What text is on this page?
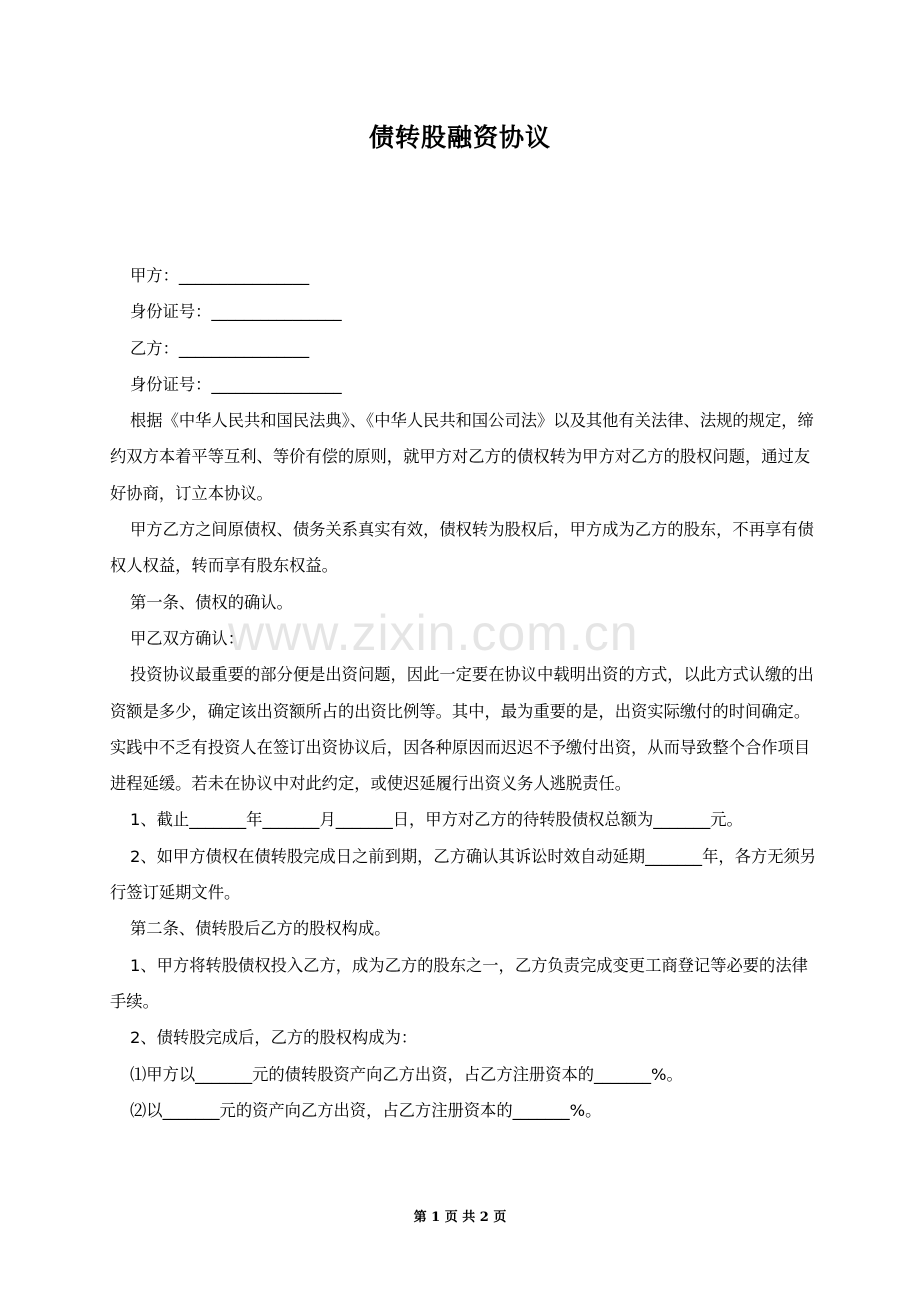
债转股融资协议

甲方：________________

身份证号：________________

乙方：________________

身份证号：________________

根据《中华人民共和国民法典》、《中华人民共和国公司法》以及其他有关法律、法规的规定，缔约双方本着平等互利、等价有偿的原则，就甲方对乙方的债权转为甲方对乙方的股权问题，通过友好协商，订立本协议。

甲方乙方之间原债权、债务关系真实有效，债权转为股权后，甲方成为乙方的股东，不再享有债权人权益，转而享有股东权益。

第一条、债权的确认。

甲乙双方确认：

投资协议最重要的部分便是出资问题，因此一定要在协议中载明出资的方式，以此方式认缴的出资额是多少，确定该出资额所占的出资比例等。其中，最为重要的是，出资实际缴付的时间确定。实践中不乏有投资人在签订出资协议后，因各种原因而迟迟不予缴付出资，从而导致整个合作项目进程延缓。若未在协议中对此约定，或使迟延履行出资义务人逃脱责任。

1、截止_______年_______月_______日，甲方对乙方的待转股债权总额为_______元。

2、如甲方债权在债转股完成日之前到期，乙方确认其诉讼时效自动延期_______年，各方无须另行签订延期文件。

第二条、债转股后乙方的股权构成。

1、甲方将转股债权投入乙方，成为乙方的股东之一，乙方负责完成变更工商登记等必要的法律手续。

2、债转股完成后，乙方的股权构成为：

⑴甲方以_______元的债转股资产向乙方出资，占乙方注册资本的_______%。

⑵以_______元的资产向乙方出资，占乙方注册资本的_______%。

www.zixin.com.cn
第 1 页 共 2 页
